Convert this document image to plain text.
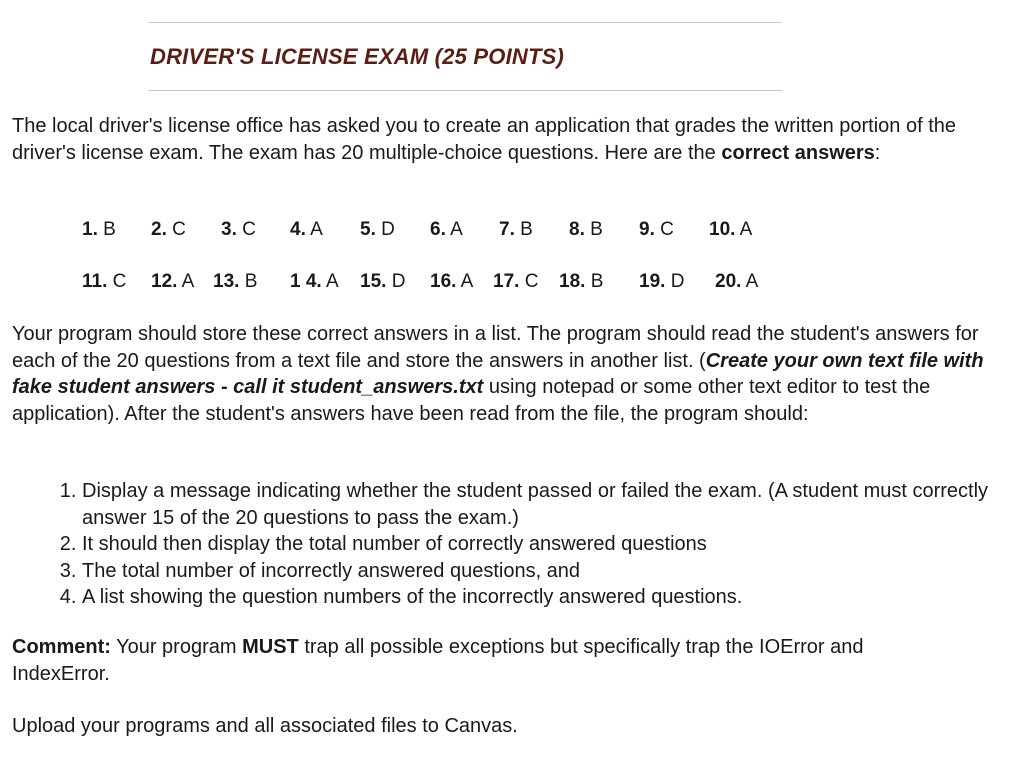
DRIVER'S LICENSE EXAM (25 POINTS)

The local driver's license office has asked you to create an application that grades the written portion of the driver's license exam. The exam has 20 multiple-choice questions. Here are the correct answers:

1. B 2. C 3. C 4. A 5. D 6. A 7. B 8. B 9. C 10. A
11. C 12. A 13. B 1 4. A 15. D 16. A 17. C 18. B 19. D 20. A

Your program should store these correct answers in a list. The program should read the student's answers for each of the 20 questions from a text file and store the answers in another list. (Create your own text file with fake student answers - call it student_answers.txt using notepad or some other text editor to test the application). After the student's answers have been read from the file, the program should:

1. Display a message indicating whether the student passed or failed the exam. (A student must correctly answer 15 of the 20 questions to pass the exam.)
2. It should then display the total number of correctly answered questions
3. The total number of incorrectly answered questions, and
4. A list showing the question numbers of the incorrectly answered questions.

Comment: Your program MUST trap all possible exceptions but specifically trap the IOError and IndexError.

Upload your programs and all associated files to Canvas.
